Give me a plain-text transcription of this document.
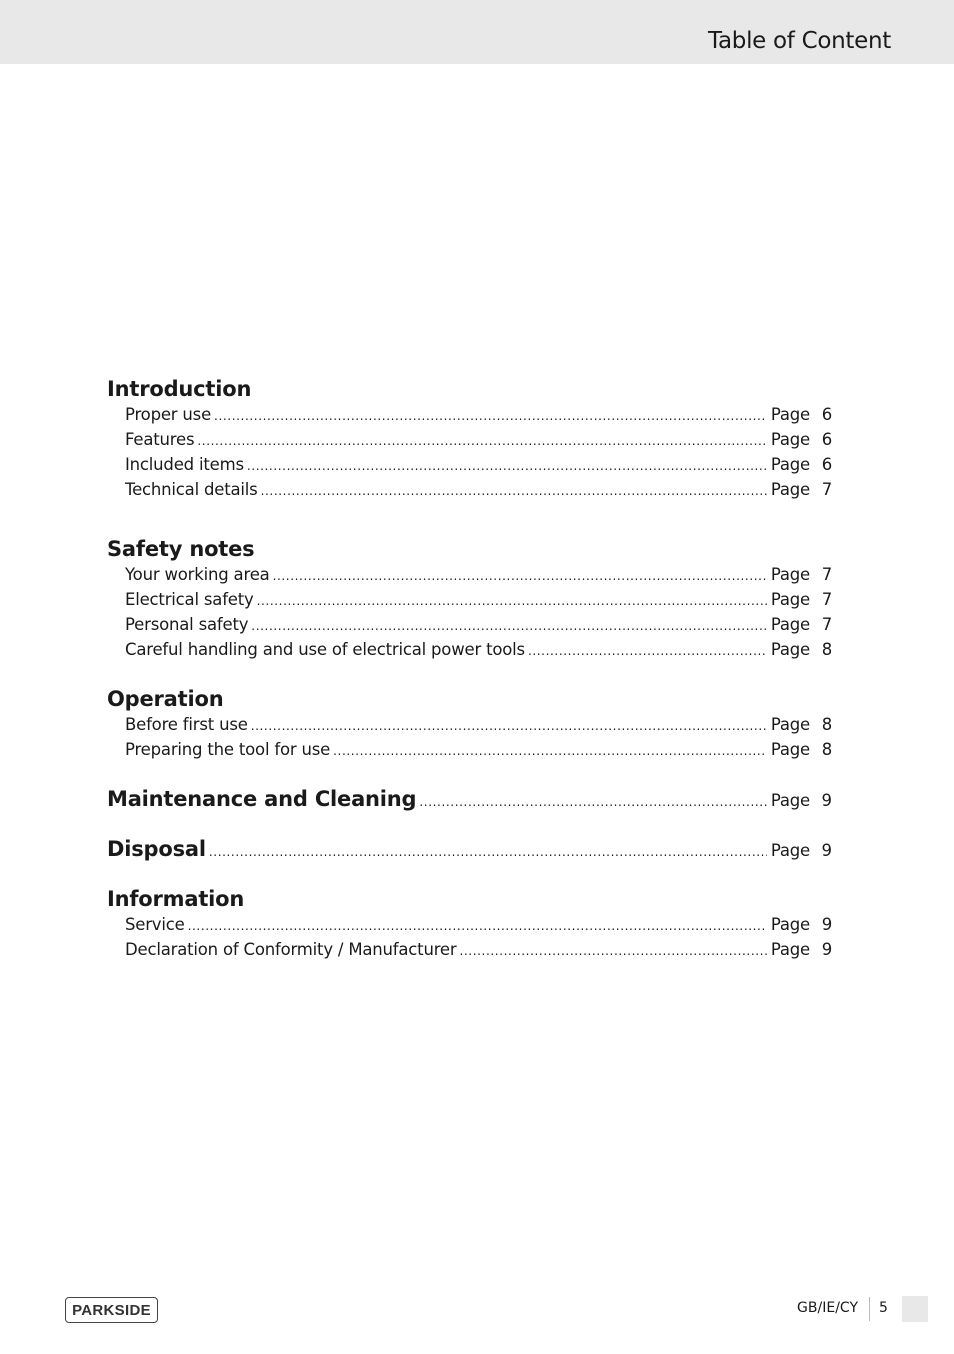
Table of Content
Introduction
Proper use .....	Page 6
Features .....	Page 6
Included items .....	Page 6
Technical details .....	Page 7
Safety notes
Your working area .....	Page 7
Electrical safety .....	Page 7
Personal safety .....	Page 7
Careful handling and use of electrical power tools .....	Page 8
Operation
Before first use .....	Page 8
Preparing the tool for use .....	Page 8
Maintenance and Cleaning .....	Page 9
Disposal .....	Page 9
Information
Service .....	Page 9
Declaration of Conformity / Manufacturer .....	Page 9
PARKSIDE	GB/IE/CY 5
